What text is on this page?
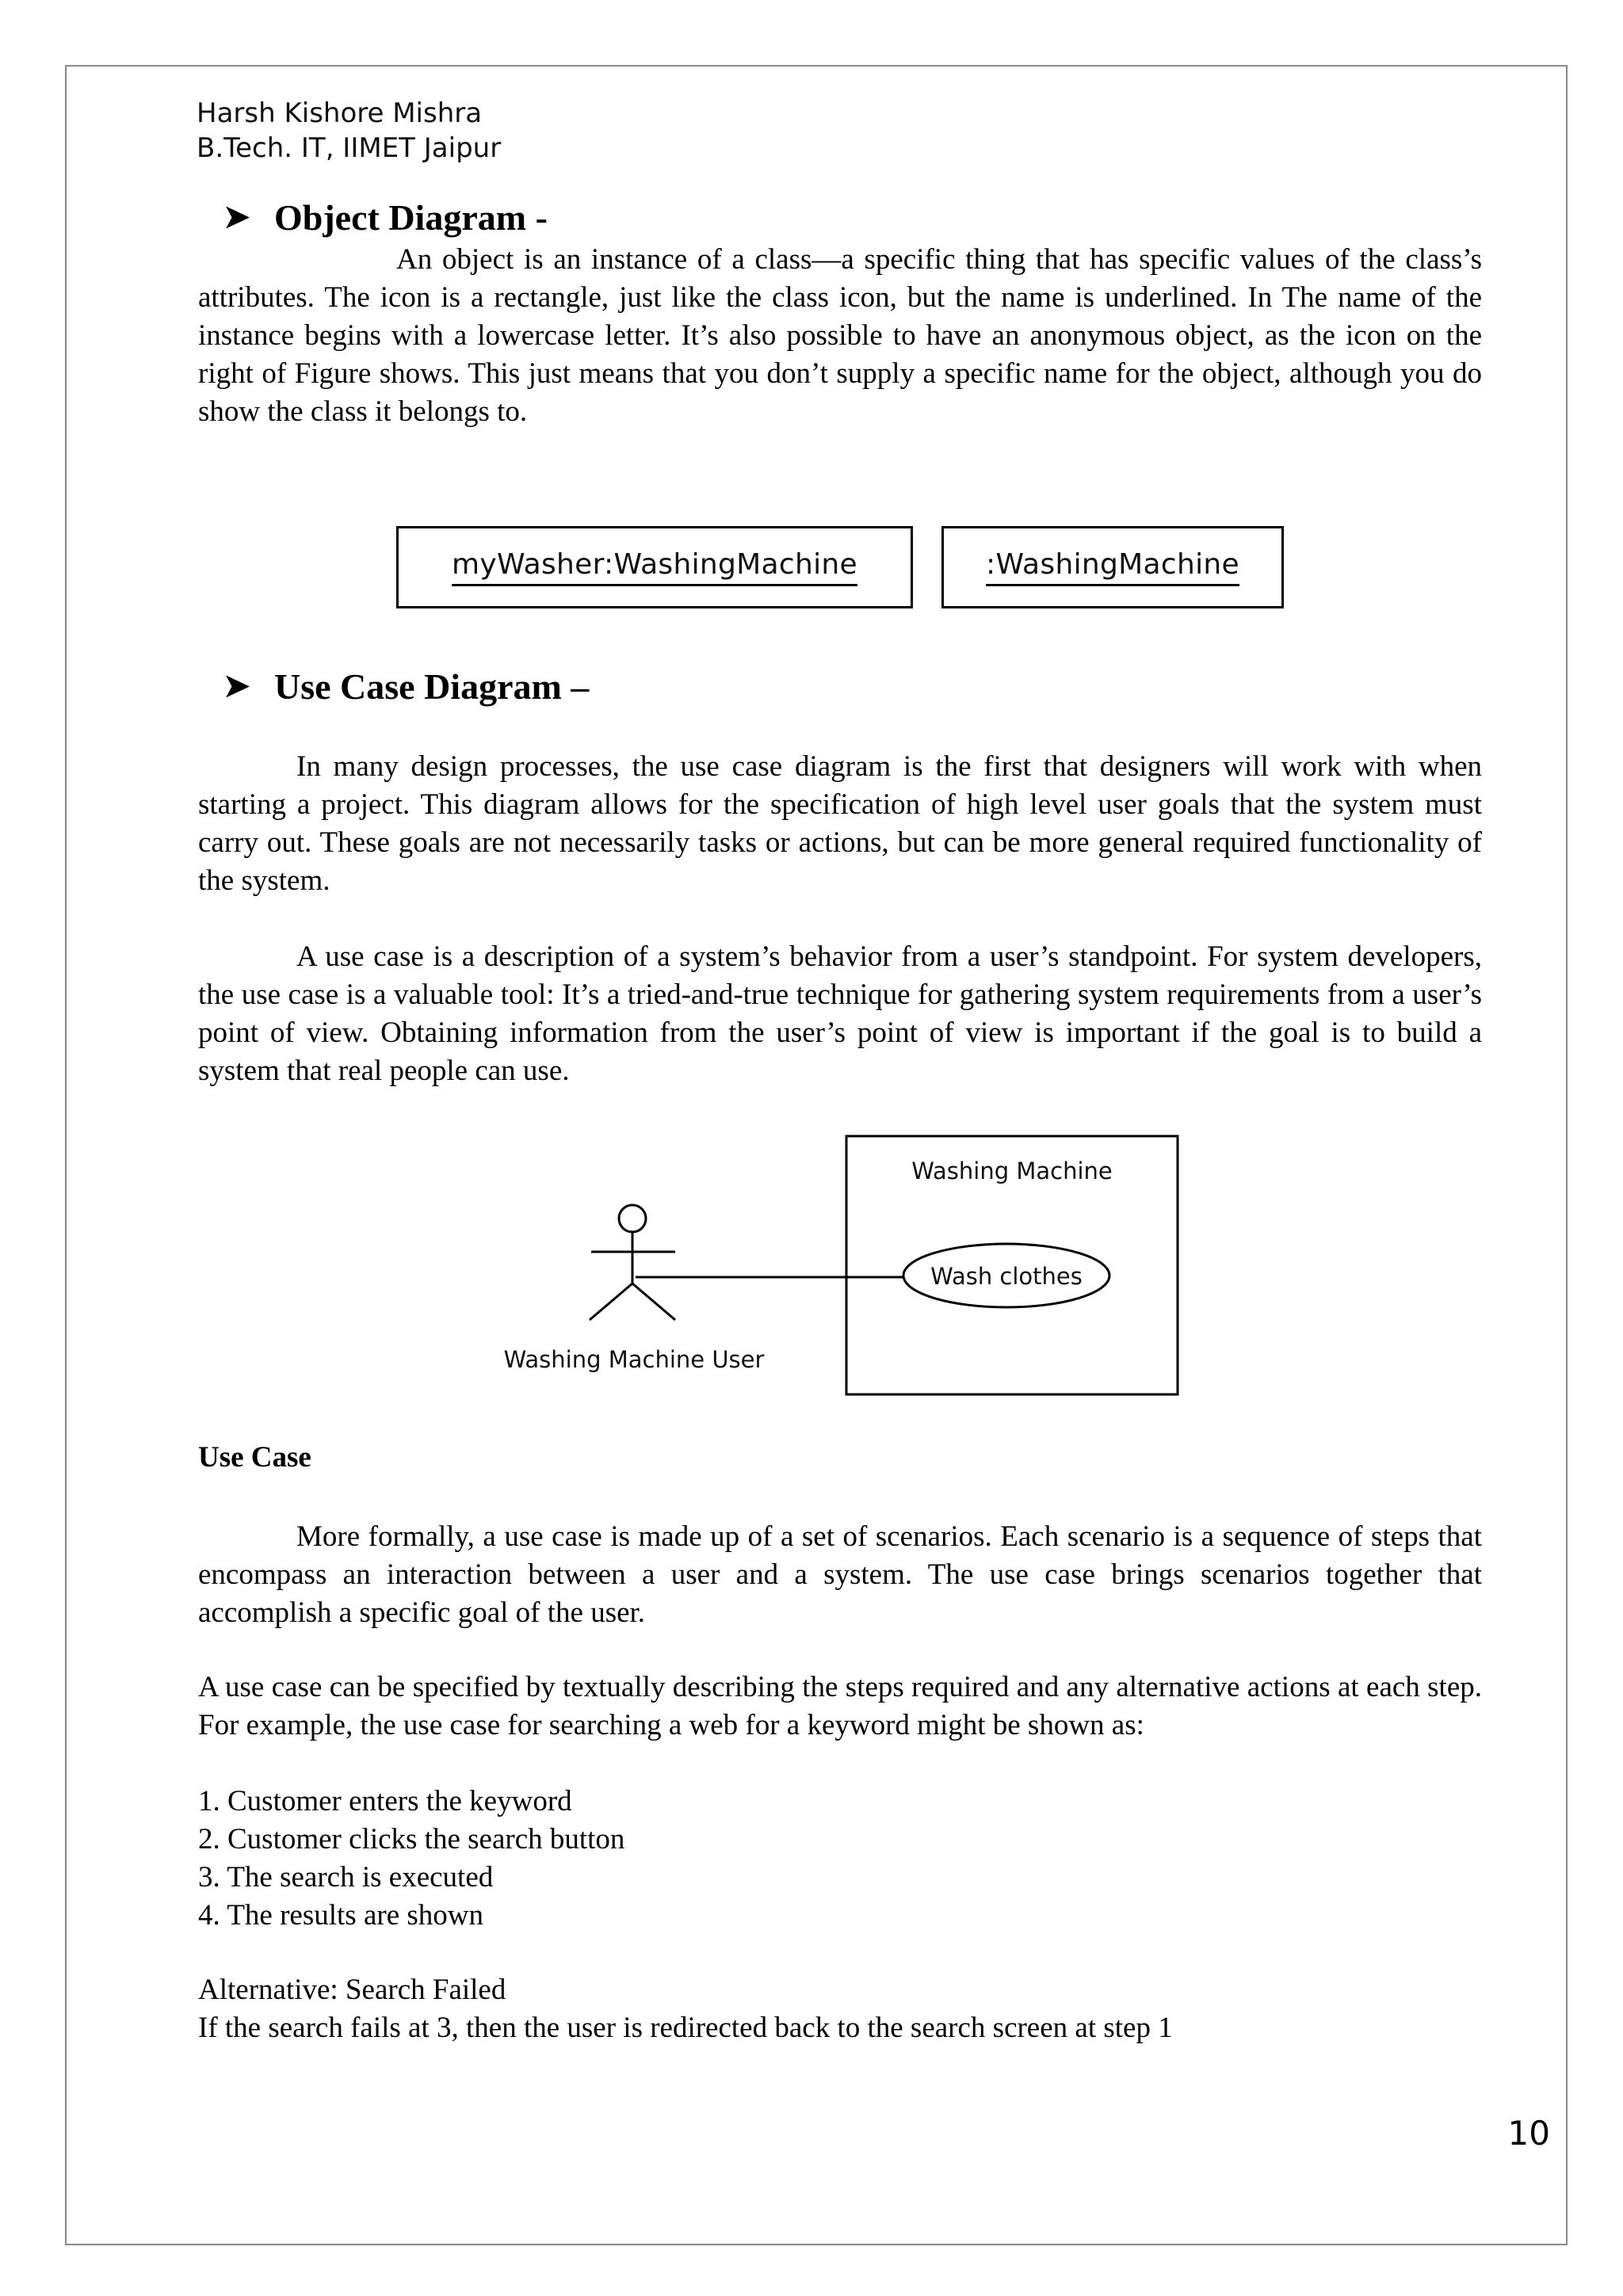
Harsh Kishore Mishra
B.Tech. IT, IIMET Jaipur
➤ Object Diagram -

An object is an instance of a class—a specific thing that has specific values of the class’s attributes. The icon is a rectangle, just like the class icon, but the name is underlined. In The name of the instance begins with a lowercase letter. It’s also possible to have an anonymous object, as the icon on the right of Figure shows. This just means that you don’t supply a specific name for the object, although you do show the class it belongs to.

myWasher:WashingMachine	:WashingMachine
➤ Use Case Diagram –

In many design processes, the use case diagram is the first that designers will work with when starting a project. This diagram allows for the specification of high level user goals that the system must carry out. These goals are not necessarily tasks or actions, but can be more general required functionality of the system.

A use case is a description of a system’s behavior from a user’s standpoint. For system developers, the use case is a valuable tool: It’s a tried-and-true technique for gathering system requirements from a user’s point of view. Obtaining information from the user’s point of view is important if the goal is to build a system that real people can use.

Washing Machine
Wash clothes
Washing Machine User
Use Case

More formally, a use case is made up of a set of scenarios. Each scenario is a sequence of steps that encompass an interaction between a user and a system. The use case brings scenarios together that accomplish a specific goal of the user.

A use case can be specified by textually describing the steps required and any alternative actions at each step. For example, the use case for searching a web for a keyword might be shown as:

1. Customer enters the keyword

2. Customer clicks the search button

3. The search is executed

4. The results are shown

Alternative: Search Failed

If the search fails at 3, then the user is redirected back to the search screen at step 1

10
